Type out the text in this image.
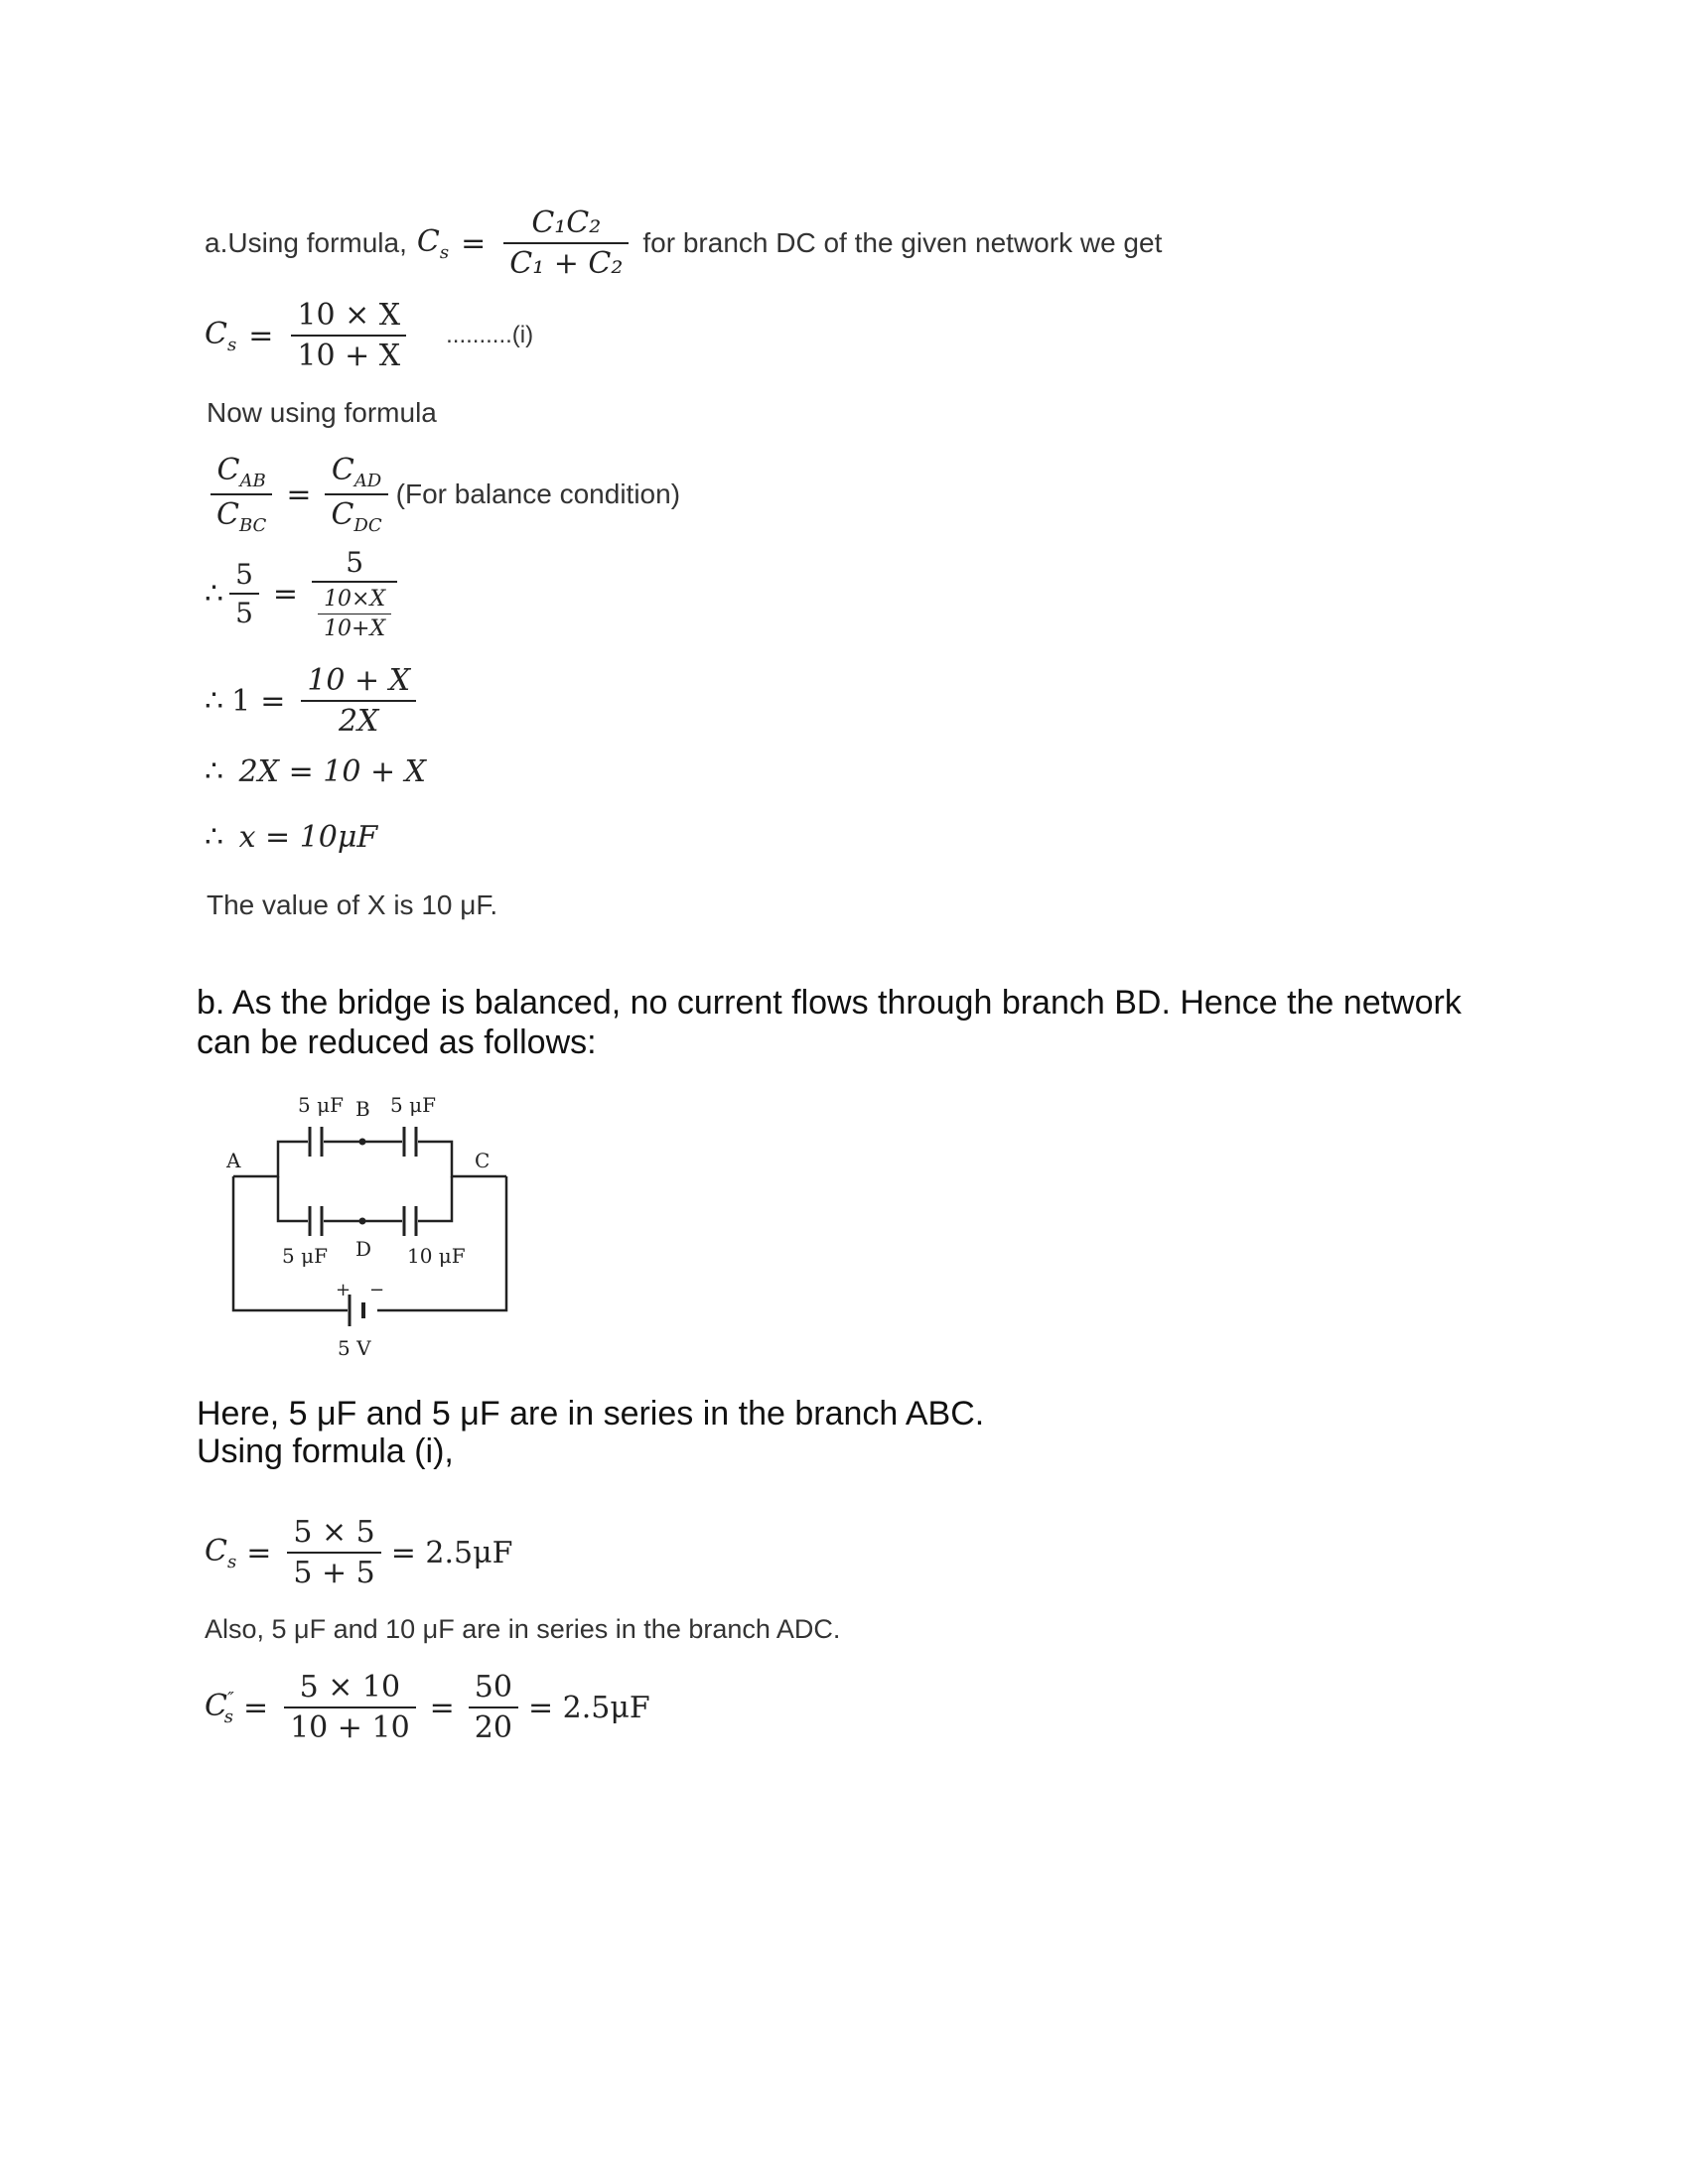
a.Using formula, $C_s = \frac{\text{C₁C₂}}{\text{C₁ + C₂}}$ for branch DC of the given network we get
$C_s = \frac{10 \times X}{10 + X} ..........(i)$
Now using formula
$\frac{C_{AB}}{C_{BC}} = \frac{C_{AD}}{C_{DC}} (For$ balance condition)
∴ $\frac{5}{5} = \frac{5}{\frac{10\times X}{10+X}}$
∴ $1 = \frac{10 + X}{2X}$
∴ 2X = 10 + X
∴ x = 10μF
The value of X is 10 μF.
b. As the bridge is balanced, no current flows through branch BD. Hence the network
can be reduced as follows:
A
B
C
D
5 μF 5 μF
5 μF	10 μF
+ −
5 V
Here, 5 μF and 5 μF are in series in the branch ABC.
Using formula (i),
$C_s = \frac{5 \times 5}{5 + 5} = 2.5\mu F$
Also, 5 μF and 10 μF are in series in the branch ADC.
$C''_s = \frac{5 \times 10}{10 + 10} = \frac{50}{20} = 2.5\mu F$
